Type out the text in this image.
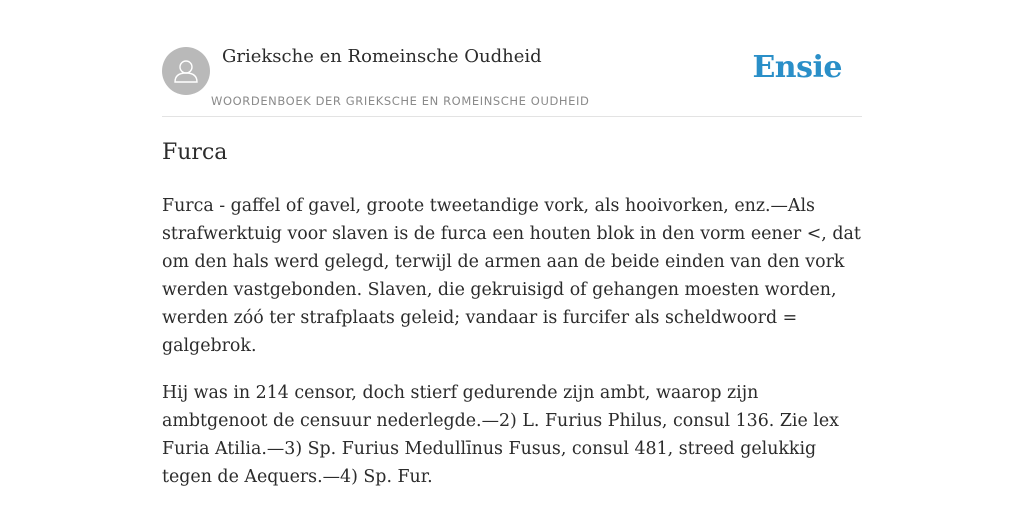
Grieksche en Romeinsche Oudheid
WOORDENBOEK DER GRIEKSCHE EN ROMEINSCHE OUDHEID
Ensie
Furca

Furca - gaffel of gavel, groote tweetandige vork, als hooivorken, enz.—Als strafwerktuig voor slaven is de furca een houten blok in den vorm eener <, dat om den hals werd gelegd, terwijl de armen aan de beide einden van den vork werden vastgebonden. Slaven, die gekruisigd of gehangen moesten worden, werden zóó ter strafplaats geleid; vandaar is furcifer als scheldwoord = galgebrok.

Hij was in 214 censor, doch stierf gedurende zijn ambt, waarop zijn ambtgenoot de censuur nederlegde.—2) L. Furius Philus, consul 136. Zie lex Furia Atilia.—3) Sp. Furius Medullīnus Fusus, consul 481, streed gelukkig tegen de Aequers.—4) Sp. Fur.
